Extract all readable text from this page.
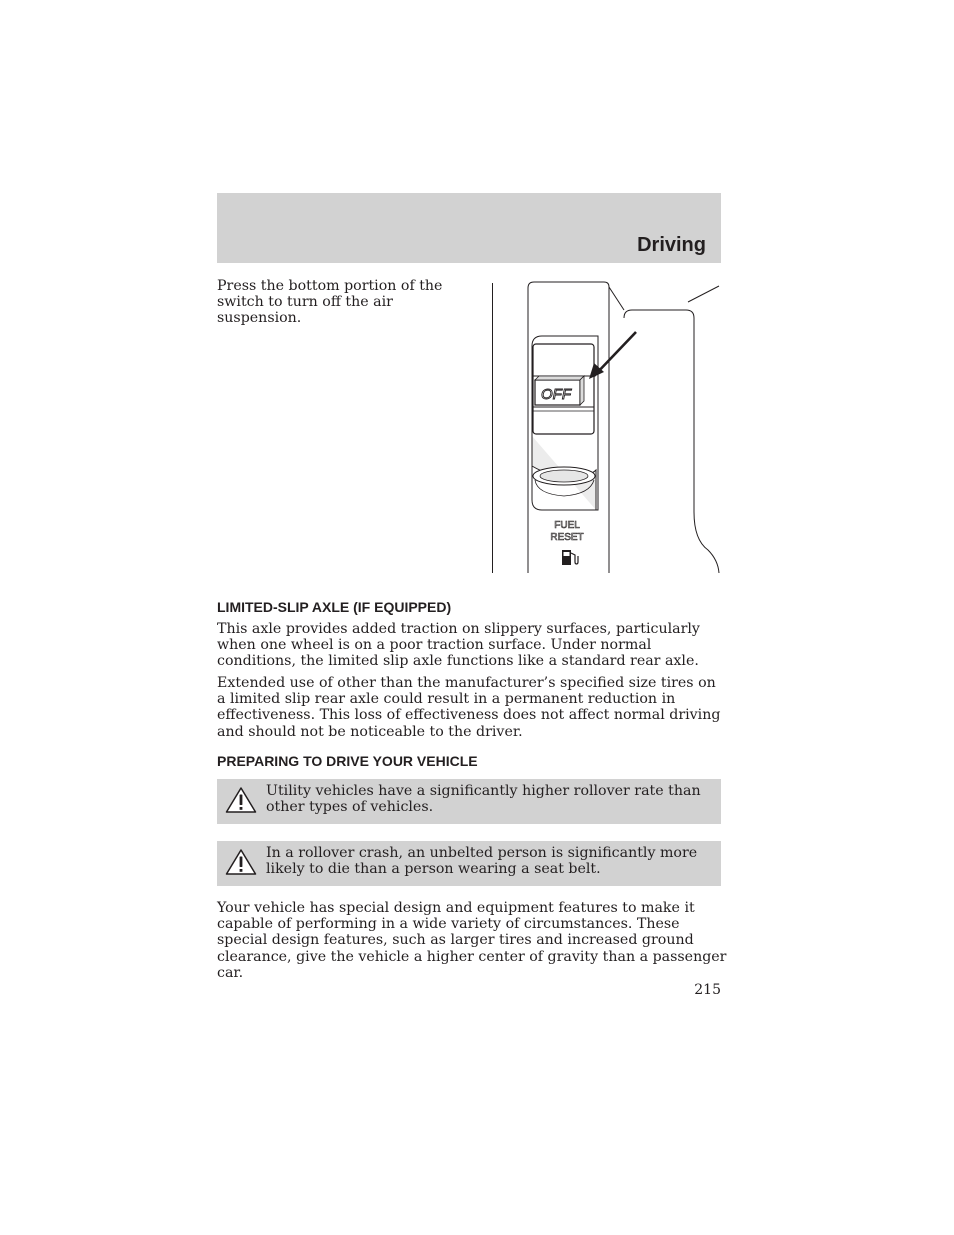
Driving

Press the bottom portion of the switch to turn off the air suspension.

OFF
FUEL
RESET
LIMITED-SLIP AXLE (IF EQUIPPED)

This axle provides added traction on slippery surfaces, particularly when one wheel is on a poor traction surface. Under normal conditions, the limited slip axle functions like a standard rear axle.

Extended use of other than the manufacturer’s specified size tires on a limited slip rear axle could result in a permanent reduction in effectiveness. This loss of effectiveness does not affect normal driving and should not be noticeable to the driver.

PREPARING TO DRIVE YOUR VEHICLE

Utility vehicles have a significantly higher rollover rate than other types of vehicles.

In a rollover crash, an unbelted person is significantly more likely to die than a person wearing a seat belt.

Your vehicle has special design and equipment features to make it capable of performing in a wide variety of circumstances. These special design features, such as larger tires and increased ground clearance, give the vehicle a higher center of gravity than a passenger car.

215
